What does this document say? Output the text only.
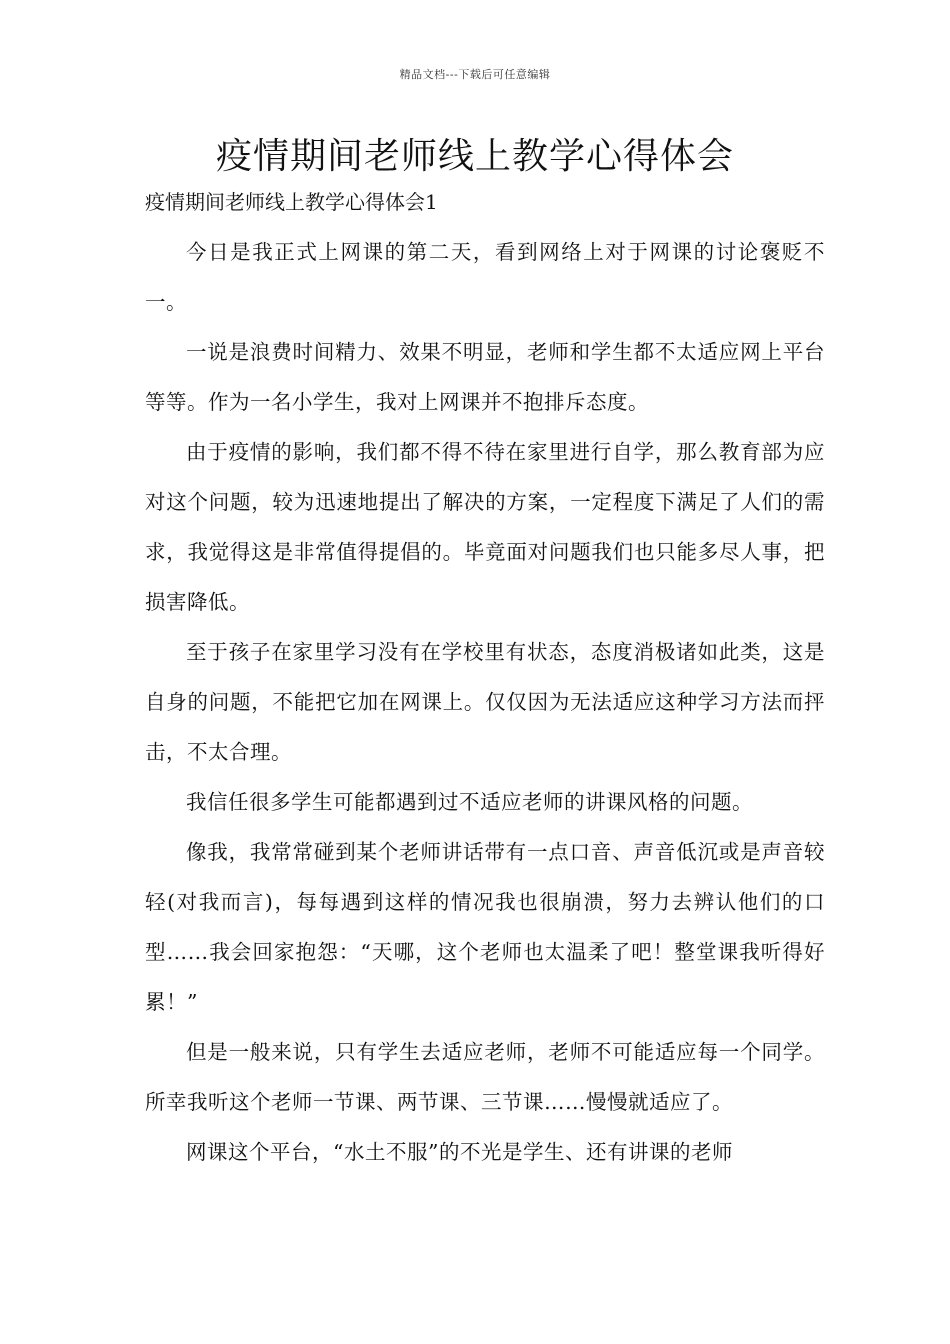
精品文档---下载后可任意编辑
疫情期间老师线上教学心得体会

疫情期间老师线上教学心得体会1

今日是我正式上网课的第二天，看到网络上对于网课的讨论褒贬不一。

一说是浪费时间精力、效果不明显，老师和学生都不太适应网上平台等等。作为一名小学生，我对上网课并不抱排斥态度。

由于疫情的影响，我们都不得不待在家里进行自学，那么教育部为应对这个问题，较为迅速地提出了解决的方案，一定程度下满足了人们的需求，我觉得这是非常值得提倡的。毕竟面对问题我们也只能多尽人事，把损害降低。

至于孩子在家里学习没有在学校里有状态，态度消极诸如此类，这是自身的问题，不能把它加在网课上。仅仅因为无法适应这种学习方法而抨击，不太合理。

我信任很多学生可能都遇到过不适应老师的讲课风格的问题。

像我，我常常碰到某个老师讲话带有一点口音、声音低沉或是声音较轻(对我而言)，每每遇到这样的情况我也很崩溃，努力去辨认他们的口型……我会回家抱怨：“天哪，这个老师也太温柔了吧！整堂课我听得好累！”

但是一般来说，只有学生去适应老师，老师不可能适应每一个同学。所幸我听这个老师一节课、两节课、三节课……慢慢就适应了。

网课这个平台，“水土不服”的不光是学生、还有讲课的老师
